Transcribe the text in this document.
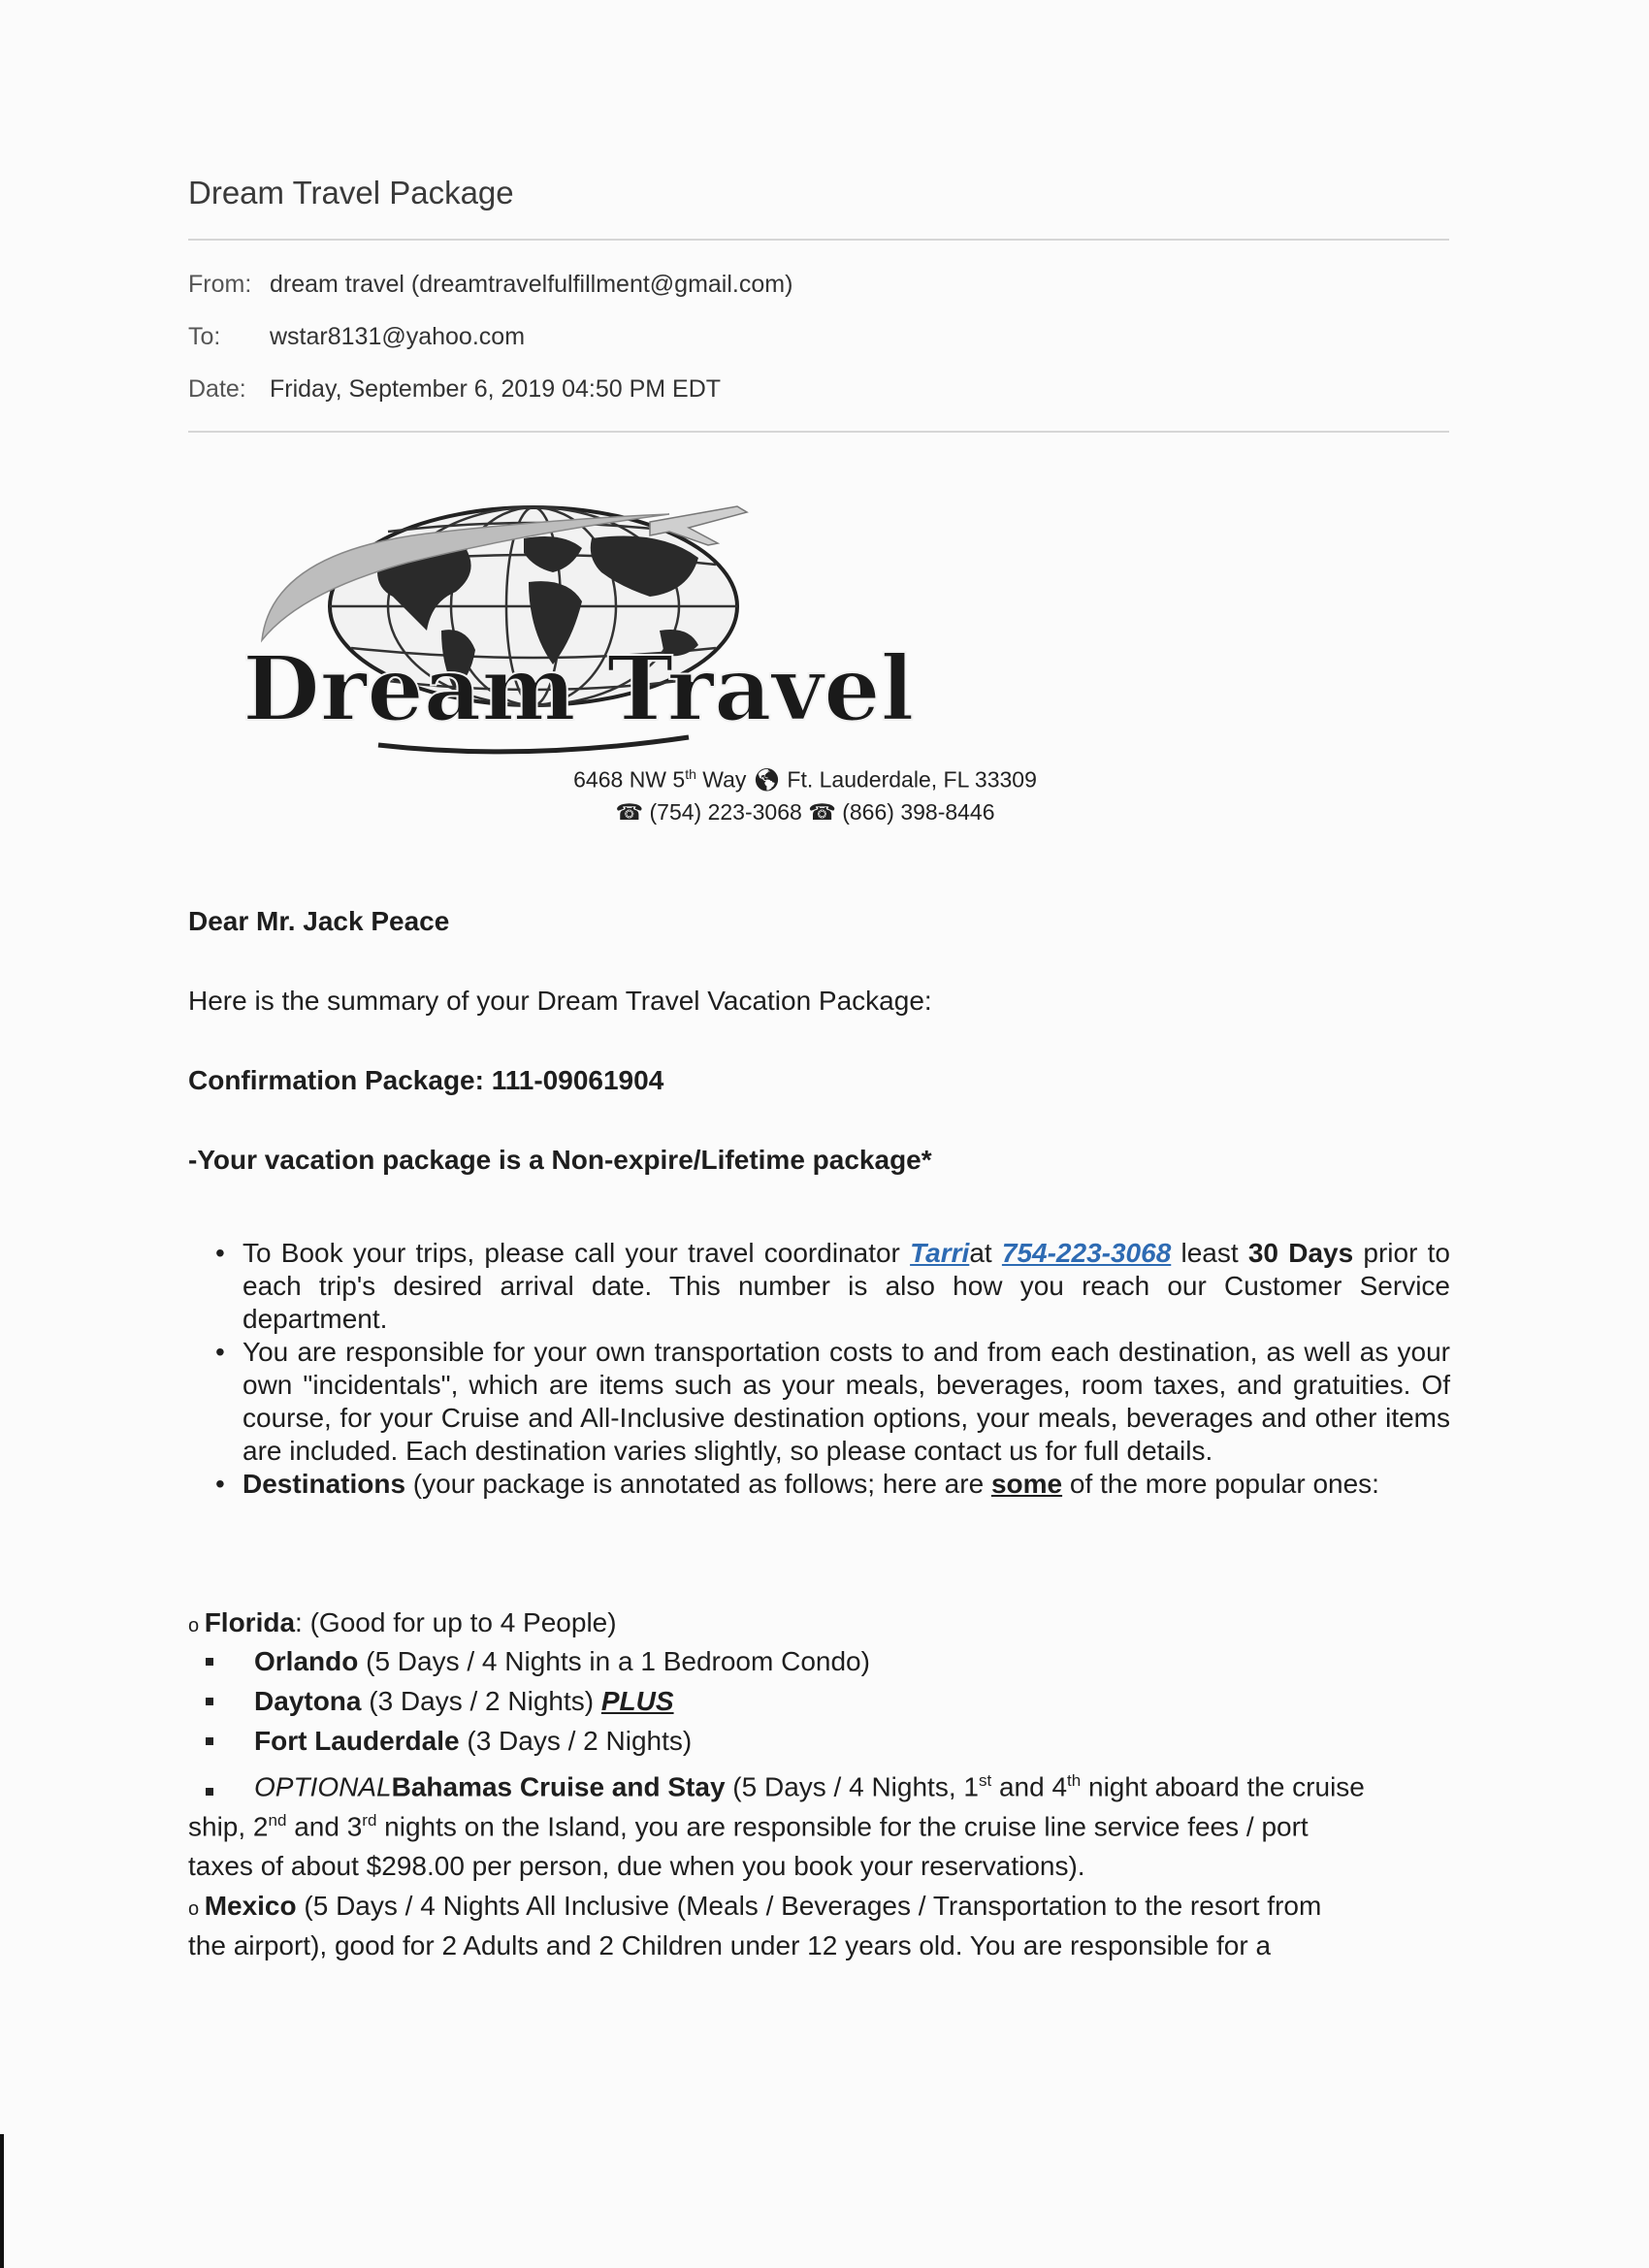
Dream Travel Package
From: dream travel (dreamtravelfulfillment@gmail.com)
To: wstar8131@yahoo.com
Date: Friday, September 6, 2019 04:50 PM EDT
Dream Travel
6468 NW 5th Way 🌎︎ Ft. Lauderdale, FL 33309
☎ (754) 223-3068 ☎ (866) 398-8446
Dear Mr. Jack Peace
Here is the summary of your Dream Travel Vacation Package:
Confirmation Package: 111-09061904
-Your vacation package is a Non-expire/Lifetime package*

• To Book your trips, please call your travel coordinator Tarriat 754-223-3068 least 30 Days prior to each trip's desired arrival date. This number is also how you reach our Customer Service department.

• You are responsible for your own transportation costs to and from each destination, as well as your own "incidentals", which are items such as your meals, beverages, room taxes, and gratuities. Of course, for your Cruise and All-Inclusive destination options, your meals, beverages and other items are included. Each destination varies slightly, so please contact us for full details.

• Destinations (your package is annotated as follows; here are some of the more popular ones:

o Florida: (Good for up to 4 People)
Orlando (5 Days / 4 Nights in a 1 Bedroom Condo)
Daytona (3 Days / 2 Nights) PLUS
Fort Lauderdale (3 Days / 2 Nights)
OPTIONALBahamas Cruise and Stay (5 Days / 4 Nights, 1st and 4th night aboard the cruise
ship, 2nd and 3rd nights on the Island, you are responsible for the cruise line service fees / port
taxes of about $298.00 per person, due when you book your reservations).
o Mexico (5 Days / 4 Nights All Inclusive (Meals / Beverages / Transportation to the resort from
the airport), good for 2 Adults and 2 Children under 12 years old. You are responsible for a
